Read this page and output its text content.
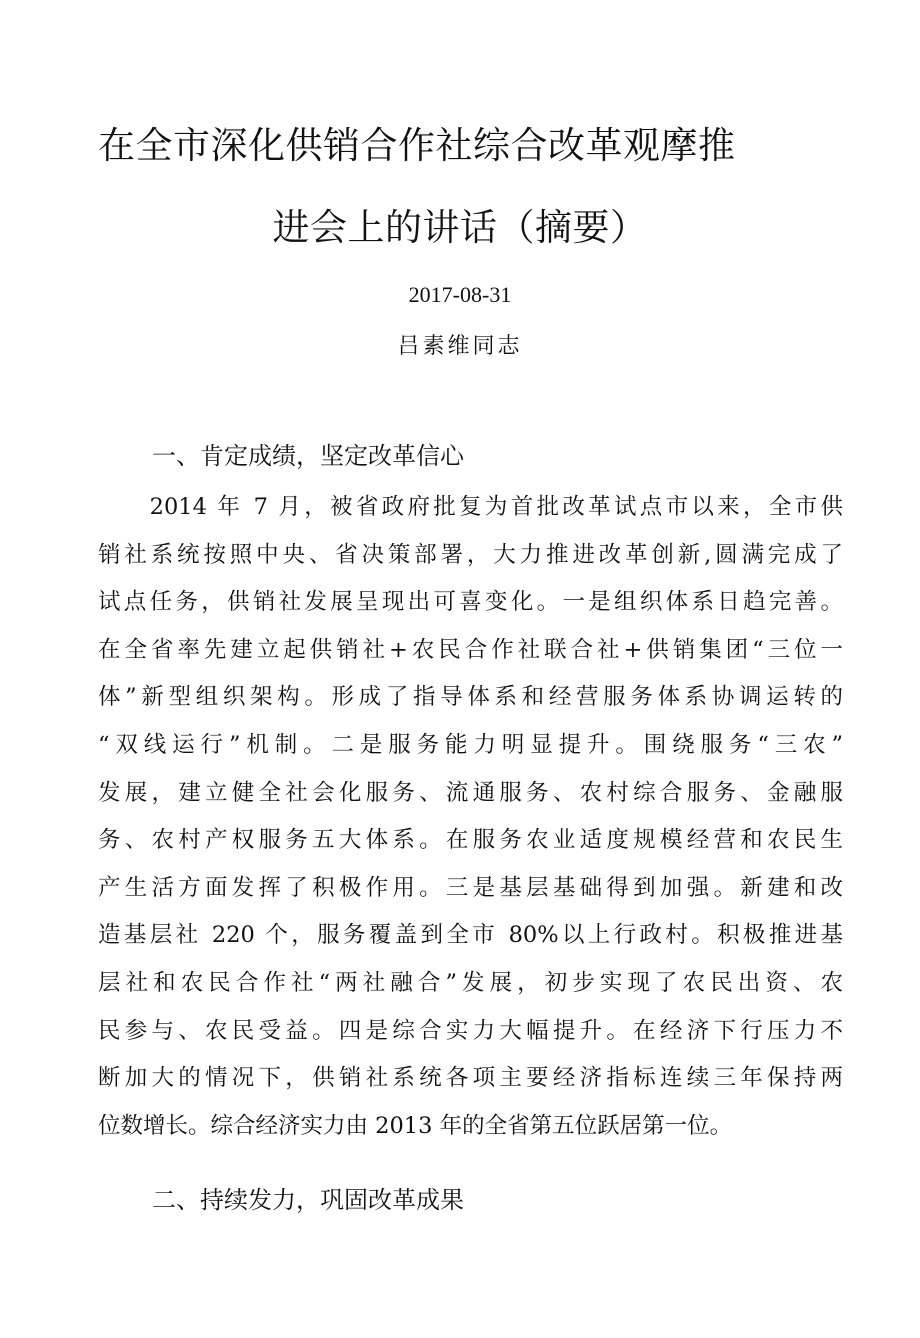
在全市深化供销合作社综合改革观摩推
进会上的讲话（摘要）
2017-08-31
吕素维同志
一、肯定成绩，坚定改革信心
　　2014 年 7 月，被省政府批复为首批改革试点市以来，全市供
销社系统按照中央、省决策部署，大力推进改革创新,圆满完成了
试点任务，供销社发展呈现出可喜变化。一是组织体系日趋完善。
在全省率先建立起供销社+农民合作社联合社+供销集团“三位一
体”新型组织架构。形成了指导体系和经营服务体系协调运转的
“双线运行”机制。二是服务能力明显提升。围绕服务“三农”
发展，建立健全社会化服务、流通服务、农村综合服务、金融服
务、农村产权服务五大体系。在服务农业适度规模经营和农民生
产生活方面发挥了积极作用。三是基层基础得到加强。新建和改
造基层社 220 个，服务覆盖到全市 80%以上行政村。积极推进基
层社和农民合作社“两社融合”发展，初步实现了农民出资、农
民参与、农民受益。四是综合实力大幅提升。在经济下行压力不
断加大的情况下，供销社系统各项主要经济指标连续三年保持两
位数增长。综合经济实力由 2013 年的全省第五位跃居第一位。
二、持续发力，巩固改革成果
